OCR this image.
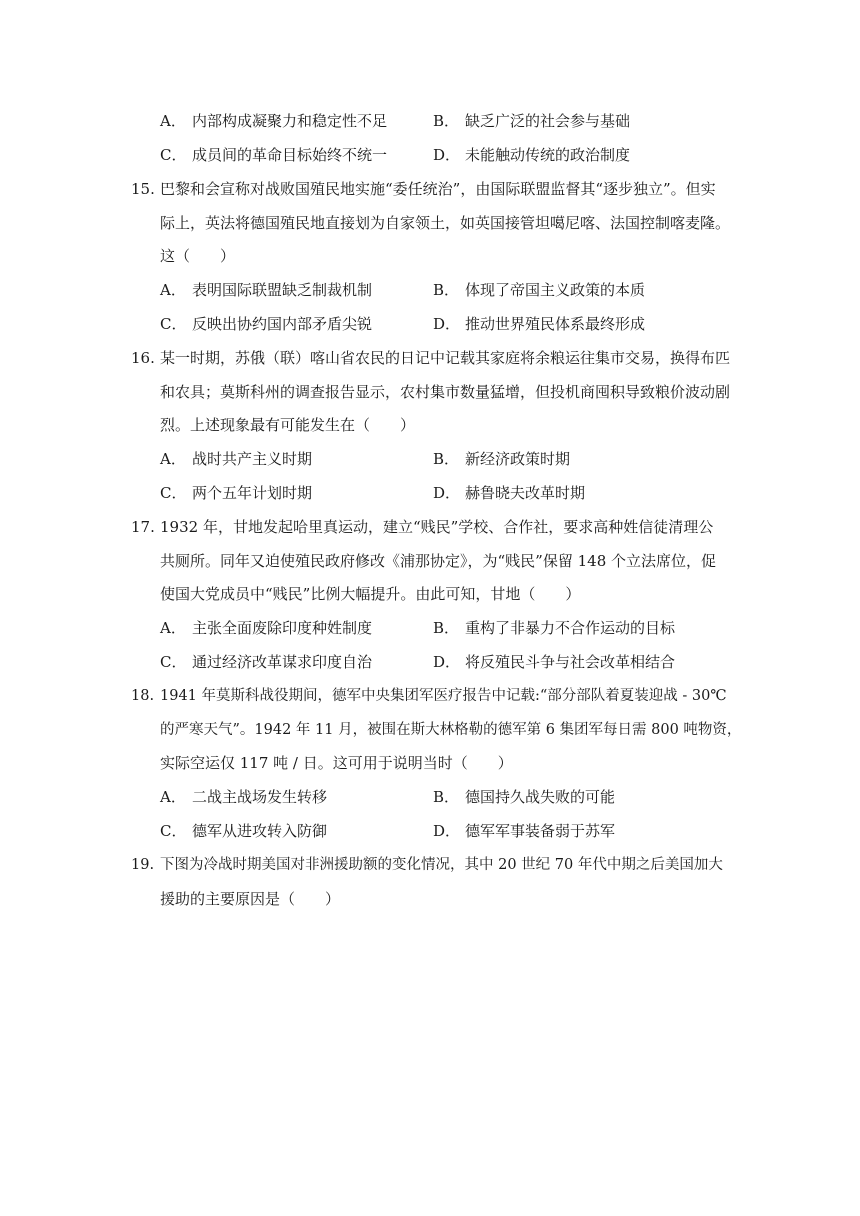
A． 内部构成凝聚力和稳定性不足	B． 缺乏广泛的社会参与基础
C． 成员间的革命目标始终不统一	D． 未能触动传统的政治制度
15. 巴黎和会宣称对战败国殖民地实施“委任统治”，由国际联盟监督其“逐步独立”。但实
际上，英法将德国殖民地直接划为自家领土，如英国接管坦噶尼喀、法国控制喀麦隆。
这（　　）
A． 表明国际联盟缺乏制裁机制	B． 体现了帝国主义政策的本质
C． 反映出协约国内部矛盾尖锐	D． 推动世界殖民体系最终形成
16. 某一时期，苏俄（联）喀山省农民的日记中记载其家庭将余粮运往集市交易，换得布匹
和农具；莫斯科州的调查报告显示，农村集市数量猛增，但投机商囤积导致粮价波动剧
烈。上述现象最有可能发生在（　　）
A． 战时共产主义时期	B． 新经济政策时期
C． 两个五年计划时期	D． 赫鲁晓夫改革时期
17. 1932 年，甘地发起哈里真运动，建立“贱民”学校、合作社，要求高种姓信徒清理公
共厕所。同年又迫使殖民政府修改《浦那协定》，为“贱民”保留 148 个立法席位，促
使国大党成员中“贱民”比例大幅提升。由此可知，甘地（　　）
A． 主张全面废除印度种姓制度	B． 重构了非暴力不合作运动的目标
C． 通过经济改革谋求印度自治	D． 将反殖民斗争与社会改革相结合
18. 1941 年莫斯科战役期间，德军中央集团军医疗报告中记载:“部分部队着夏装迎战 - 30℃
的严寒天气”。1942 年 11 月，被围在斯大林格勒的德军第 6 集团军每日需 800 吨物资，
实际空运仅 117 吨 / 日。这可用于说明当时（　　）
A． 二战主战场发生转移	B． 德国持久战失败的可能
C． 德军从进攻转入防御	D． 德军军事装备弱于苏军
19. 下图为冷战时期美国对非洲援助额的变化情况，其中 20 世纪 70 年代中期之后美国加大
援助的主要原因是（　　）
